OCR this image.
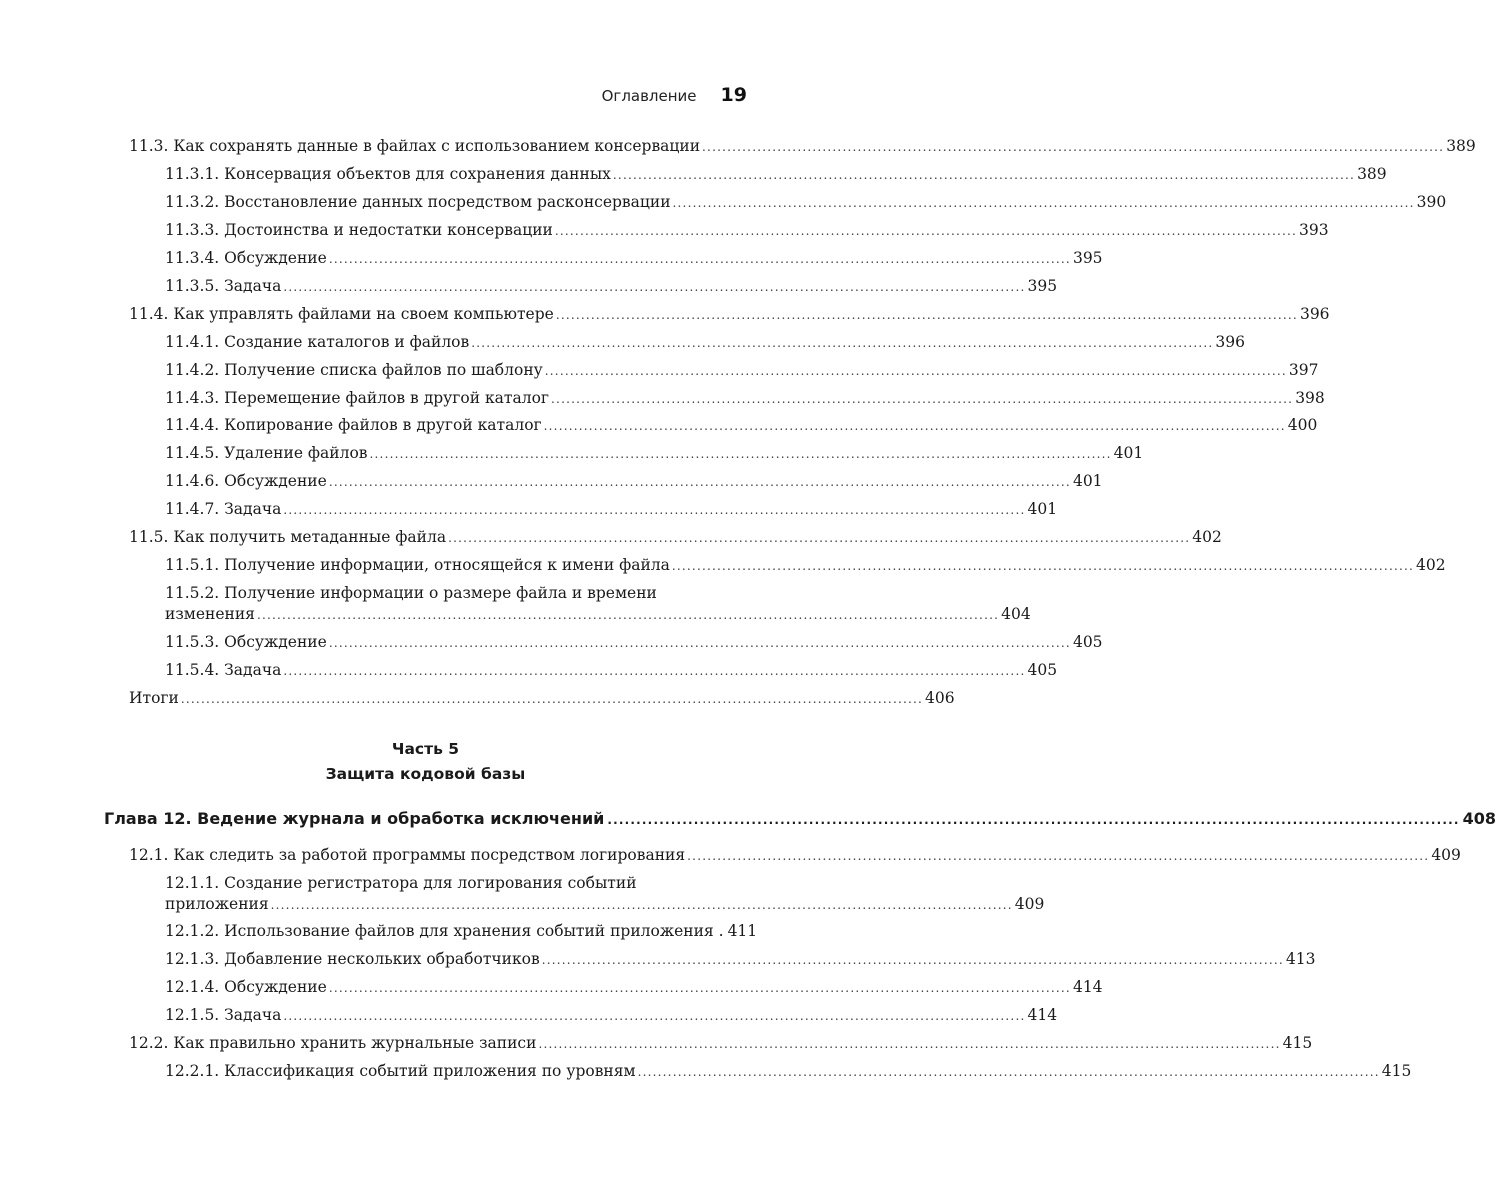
Оглавление 19
11.3. Как сохранять данные в файлах с использованием консервации .................................................................................................................................................... 389
11.3.1. Консервация объектов для сохранения данных .................................................................................................................................................... 389
11.3.2. Восстановление данных посредством расконсервации .................................................................................................................................................... 390
11.3.3. Достоинства и недостатки консервации .................................................................................................................................................... 393
11.3.4. Обсуждение .................................................................................................................................................... 395
11.3.5. Задача .................................................................................................................................................... 395
11.4. Как управлять файлами на своем компьютере .................................................................................................................................................... 396
11.4.1. Создание каталогов и файлов .................................................................................................................................................... 396
11.4.2. Получение списка файлов по шаблону .................................................................................................................................................... 397
11.4.3. Перемещение файлов в другой каталог .................................................................................................................................................... 398
11.4.4. Копирование файлов в другой каталог .................................................................................................................................................... 400
11.4.5. Удаление файлов .................................................................................................................................................... 401
11.4.6. Обсуждение .................................................................................................................................................... 401
11.4.7. Задача .................................................................................................................................................... 401
11.5. Как получить метаданные файла .................................................................................................................................................... 402
11.5.1. Получение информации, относящейся к имени файла .................................................................................................................................................... 402
11.5.2. Получение информации о размере файла и времени
изменения .................................................................................................................................................... 404
11.5.3. Обсуждение .................................................................................................................................................... 405
11.5.4. Задача .................................................................................................................................................... 405
Итоги .................................................................................................................................................... 406
Часть 5
Защита кодовой базы
Глава 12. Ведение журнала и обработка исключений .................................................................................................................................................... 408
12.1. Как следить за работой программы посредством логирования .................................................................................................................................................... 409
12.1.1. Создание регистратора для логирования событий
приложения .................................................................................................................................................... 409
12.1.2. Использование файлов для хранения событий приложения . 411
12.1.3. Добавление нескольких обработчиков .................................................................................................................................................... 413
12.1.4. Обсуждение .................................................................................................................................................... 414
12.1.5. Задача .................................................................................................................................................... 414
12.2. Как правильно хранить журнальные записи .................................................................................................................................................... 415
12.2.1. Классификация событий приложения по уровням .................................................................................................................................................... 415
